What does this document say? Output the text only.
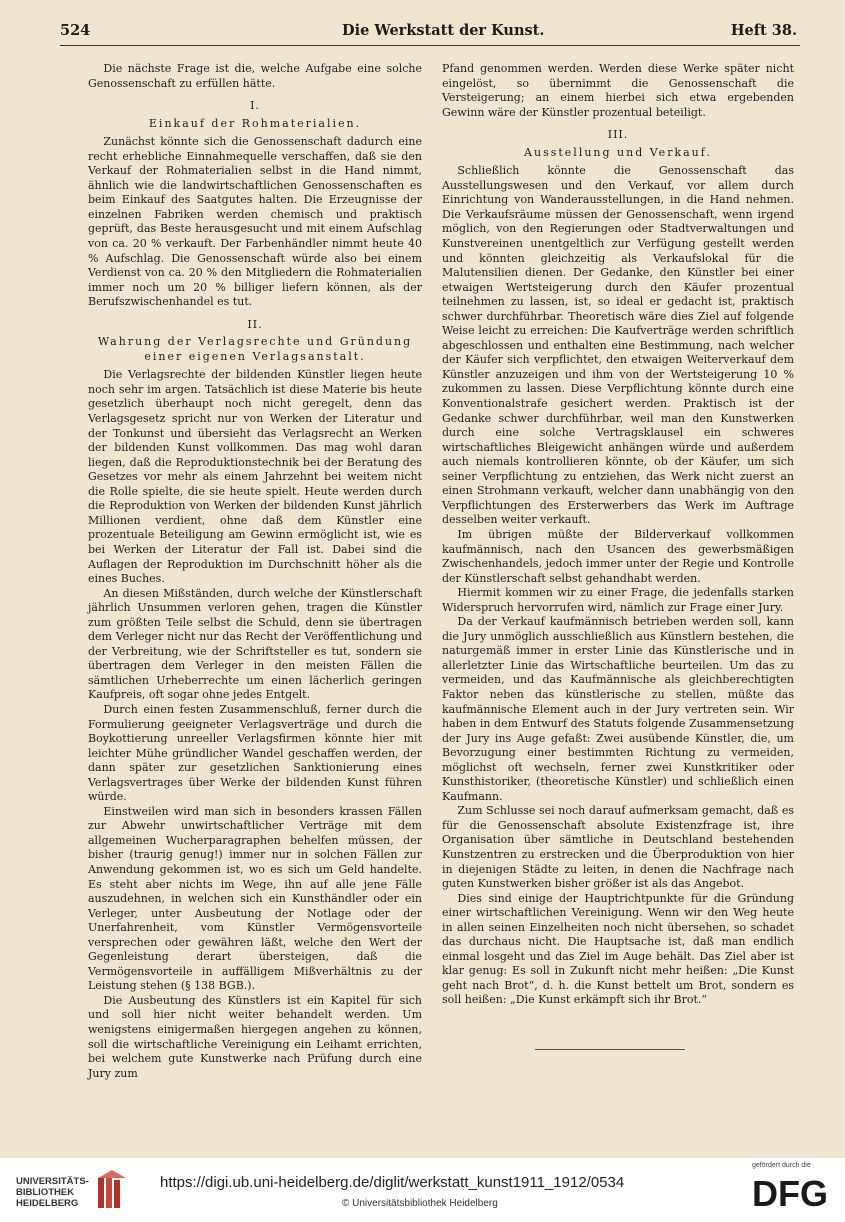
524	Die Werkstatt der Kunst.	Heft 38.

Die nächste Frage ist die, welche Aufgabe eine solche Genossenschaft zu erfüllen hätte.

I.
Einkauf der Rohmaterialien.

Zunächst könnte sich die Genossenschaft dadurch eine recht erhebliche Einnahmequelle verschaffen, daß sie den Verkauf der Rohmaterialien selbst in die Hand nimmt, ähnlich wie die landwirtschaftlichen Genossenschaften es beim Einkauf des Saatgutes halten. Die Erzeugnisse der einzelnen Fabriken werden chemisch und praktisch geprüft, das Beste herausgesucht und mit einem Aufschlag von ca. 20 % verkauft. Der Farbenhändler nimmt heute 40 % Aufschlag. Die Genossenschaft würde also bei einem Verdienst von ca. 20 % den Mitgliedern die Rohmaterialien immer noch um 20 % billiger liefern können, als der Berufszwischenhandel es tut.

II.
Wahrung der Verlagsrechte und Gründung einer eigenen Verlagsanstalt.

Die Verlagsrechte der bildenden Künstler liegen heute noch sehr im argen. Tatsächlich ist diese Materie bis heute gesetzlich überhaupt noch nicht geregelt, denn das Verlagsgesetz spricht nur von Werken der Literatur und der Tonkunst und übersieht das Verlagsrecht an Werken der bildenden Kunst vollkommen. Das mag wohl daran liegen, daß die Reproduktionstechnik bei der Beratung des Gesetzes vor mehr als einem Jahrzehnt bei weitem nicht die Rolle spielte, die sie heute spielt. Heute werden durch die Reproduktion von Werken der bildenden Kunst jährlich Millionen verdient, ohne daß dem Künstler eine prozentuale Beteiligung am Gewinn ermöglicht ist, wie es bei Werken der Literatur der Fall ist. Dabei sind die Auflagen der Reproduktion im Durchschnitt höher als die eines Buches.

An diesen Mißständen, durch welche der Künstlerschaft jährlich Unsummen verloren gehen, tragen die Künstler zum größten Teile selbst die Schuld, denn sie übertragen dem Verleger nicht nur das Recht der Veröffentlichung und der Verbreitung, wie der Schriftsteller es tut, sondern sie übertragen dem Verleger in den meisten Fällen die sämtlichen Urheberrechte um einen lächerlich geringen Kaufpreis, oft sogar ohne jedes Entgelt.

Durch einen festen Zusammenschluß, ferner durch die Formulierung geeigneter Verlagsverträge und durch die Boykottierung unreeller Verlagsfirmen könnte hier mit leichter Mühe gründlicher Wandel geschaffen werden, der dann später zur gesetzlichen Sanktionierung eines Verlagsvertrages über Werke der bildenden Kunst führen würde.

Einstweilen wird man sich in besonders krassen Fällen zur Abwehr unwirtschaftlicher Verträge mit dem allgemeinen Wucherparagraphen behelfen müssen, der bisher (traurig genug!) immer nur in solchen Fällen zur Anwendung gekommen ist, wo es sich um Geld handelte. Es steht aber nichts im Wege, ihn auf alle jene Fälle auszudehnen, in welchen sich ein Kunsthändler oder ein Verleger, unter Ausbeutung der Notlage oder der Unerfahrenheit, vom Künstler Vermögensvorteile versprechen oder gewähren läßt, welche den Wert der Gegenleistung derart übersteigen, daß die Vermögensvorteile in auffälligem Mißverhältnis zu der Leistung stehen (§ 138 BGB.).

Die Ausbeutung des Künstlers ist ein Kapitel für sich und soll hier nicht weiter behandelt werden. Um wenigstens einigermaßen hiergegen angehen zu können, soll die wirtschaftliche Vereinigung ein Leihamt errichten, bei welchem gute Kunstwerke nach Prüfung durch eine Jury zum

Pfand genommen werden. Werden diese Werke später nicht eingelöst, so übernimmt die Genossenschaft die Versteigerung; an einem hierbei sich etwa ergebenden Gewinn wäre der Künstler prozentual beteiligt.

III.
Ausstellung und Verkauf.

Schließlich könnte die Genossenschaft das Ausstellungswesen und den Verkauf, vor allem durch Einrichtung von Wanderausstellungen, in die Hand nehmen. Die Verkaufsräume müssen der Genossenschaft, wenn irgend möglich, von den Regierungen oder Stadtverwaltungen und Kunstvereinen unentgeltlich zur Verfügung gestellt werden und könnten gleichzeitig als Verkaufslokal für die Malutensilien dienen. Der Gedanke, den Künstler bei einer etwaigen Wertsteigerung durch den Käufer prozentual teilnehmen zu lassen, ist, so ideal er gedacht ist, praktisch schwer durchführbar. Theoretisch wäre dies Ziel auf folgende Weise leicht zu erreichen: Die Kaufverträge werden schriftlich abgeschlossen und enthalten eine Bestimmung, nach welcher der Käufer sich verpflichtet, den etwaigen Weiterverkauf dem Künstler anzuzeigen und ihm von der Wertsteigerung 10 % zukommen zu lassen. Diese Verpflichtung könnte durch eine Konventionalstrafe gesichert werden. Praktisch ist der Gedanke schwer durchführbar, weil man den Kunstwerken durch eine solche Vertragsklausel ein schweres wirtschaftliches Bleigewicht anhängen würde und außerdem auch niemals kontrollieren könnte, ob der Käufer, um sich seiner Verpflichtung zu entziehen, das Werk nicht zuerst an einen Strohmann verkauft, welcher dann unabhängig von den Verpflichtungen des Ersterwerbers das Werk im Auftrage desselben weiter verkauft.

Im übrigen müßte der Bilderverkauf vollkommen kaufmännisch, nach den Usancen des gewerbsmäßigen Zwischenhandels, jedoch immer unter der Regie und Kontrolle der Künstlerschaft selbst gehandhabt werden.

Hiermit kommen wir zu einer Frage, die jedenfalls starken Widerspruch hervorrufen wird, nämlich zur Frage einer Jury.

Da der Verkauf kaufmännisch betrieben werden soll, kann die Jury unmöglich ausschließlich aus Künstlern bestehen, die naturgemäß immer in erster Linie das Künstlerische und in allerletzter Linie das Wirtschaftliche beurteilen. Um das zu vermeiden, und das Kaufmännische als gleichberechtigten Faktor neben das künstlerische zu stellen, müßte das kaufmännische Element auch in der Jury vertreten sein. Wir haben in dem Entwurf des Statuts folgende Zusammensetzung der Jury ins Auge gefaßt: Zwei ausübende Künstler, die, um Bevorzugung einer bestimmten Richtung zu vermeiden, möglichst oft wechseln, ferner zwei Kunstkritiker oder Kunsthistoriker, (theoretische Künstler) und schließlich einen Kaufmann.

Zum Schlusse sei noch darauf aufmerksam gemacht, daß es für die Genossenschaft absolute Existenzfrage ist, ihre Organisation über sämtliche in Deutschland bestehenden Kunstzentren zu erstrecken und die Überproduktion von hier in diejenigen Städte zu leiten, in denen die Nachfrage nach guten Kunstwerken bisher größer ist als das Angebot.

Dies sind einige der Hauptrichtpunkte für die Gründung einer wirtschaftlichen Vereinigung. Wenn wir den Weg heute in allen seinen Einzelheiten noch nicht übersehen, so schadet das durchaus nicht. Die Hauptsache ist, daß man endlich einmal losgeht und das Ziel im Auge behält. Das Ziel aber ist klar genug: Es soll in Zukunft nicht mehr heißen: „Die Kunst geht nach Brot“, d. h. die Kunst bettelt um Brot, sondern es soll heißen: „Die Kunst erkämpft sich ihr Brot.“

UNIVERSITÄTS-
BIBLIOTHEK
HEIDELBERG
https://digi.ub.uni-heidelberg.de/diglit/werkstatt_kunst1911_1912/0534
© Universitätsbibliothek Heidelberg
gefördert durch die
DFG
